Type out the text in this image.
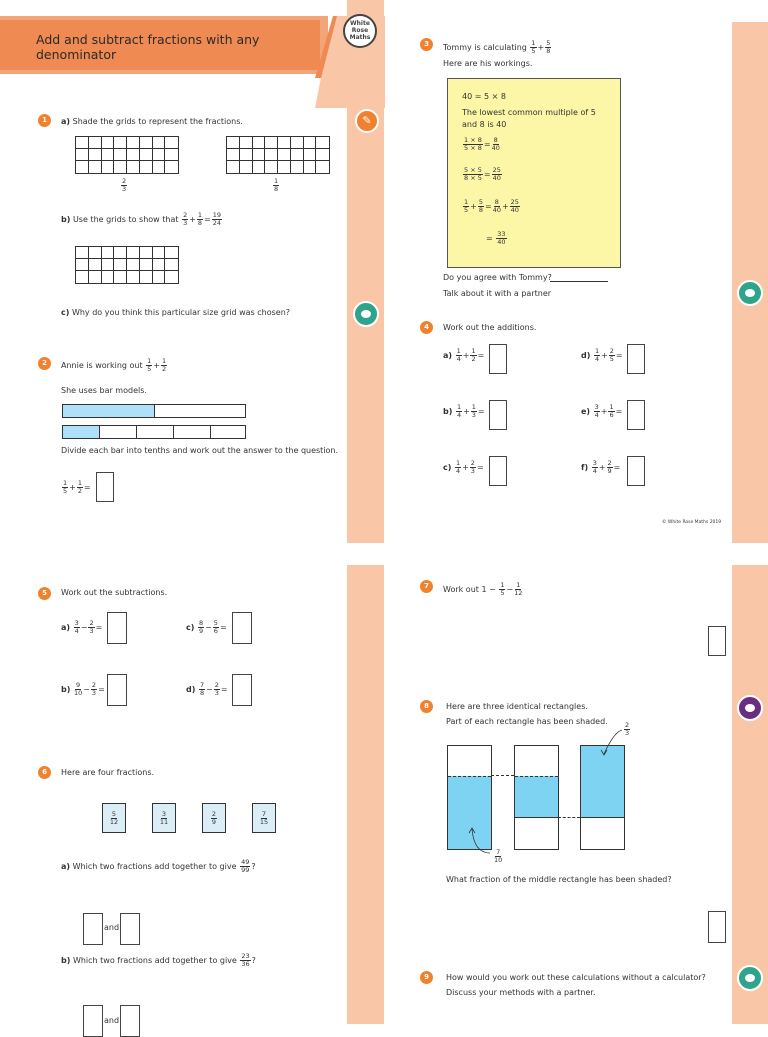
Add and subtract fractions with any
denominator
White
Rose
Maths
✎
1	a) Shade the grids to represent the fractions.
$\frac{2}{3}$	$\frac{1}{8}$
b) Use the grids to show that $\frac{2}{3} + \frac{1}{8} = \frac{19}{24}$
c) Why do you think this particular size grid was chosen?
2	Annie is working out $\frac{1}{5} + \frac{1}{2}$
She uses bar models.
Divide each bar into tenths and work out the answer to the question.
$\frac{1}{5} + \frac{1}{2}$ =
3	Tommy is calculating $\frac{1}{5} + \frac{5}{8}$
Here are his workings.
40 = 5 × 8
The lowest common multiple of 5
and 8 is 40
$\frac{1 \times 8}{5 \times 8} = \frac{8}{40}$
$\frac{5 \times 5}{8 \times 5} = \frac{25}{40}$
$\frac{1}{5} + \frac{5}{8} = \frac{8}{40} + \frac{25}{40}$
= $\frac{33}{40}$
Do you agree with Tommy?
Talk about it with a partner
4	Work out the additions.
$a) \frac{1}{4} + \frac{1}{2}$ =
$b) \frac{1}{4} + \frac{1}{3}$ =
$c) \frac{1}{4} + \frac{2}{3}$ =
$d) \frac{1}{4} + \frac{2}{5}$ =
$e) \frac{3}{4} + \frac{1}{6}$ =
$f) \frac{3}{4} + \frac{2}{9}$ =
© White Rose Maths 2019
5	Work out the subtractions.
$a) \frac{3}{4} - \frac{2}{3}$ =
$b) \frac{9}{10} - \frac{2}{3}$ =
$c) \frac{8}{9} - \frac{5}{6}$ =
$d) \frac{7}{8} - \frac{2}{3}$ =
6	Here are four fractions.
$\frac{5}{12}$	$\frac{3}{11}$	$\frac{2}{9}$	$\frac{7}{15}$
a) Which two fractions add together to give $\frac{49}{99}$ ?
and
b) Which two fractions add together to give $\frac{23}{36}$ ?
and
7	Work out $1 - \frac{1}{5} - \frac{1}{12}$
8	Here are three identical rectangles.
Part of each rectangle has been shaded.
$\frac{2}{3}$
$\frac{7}{10}$
What fraction of the middle rectangle has been shaded?
9	How would you work out these calculations without a calculator?
Discuss your methods with a partner.
